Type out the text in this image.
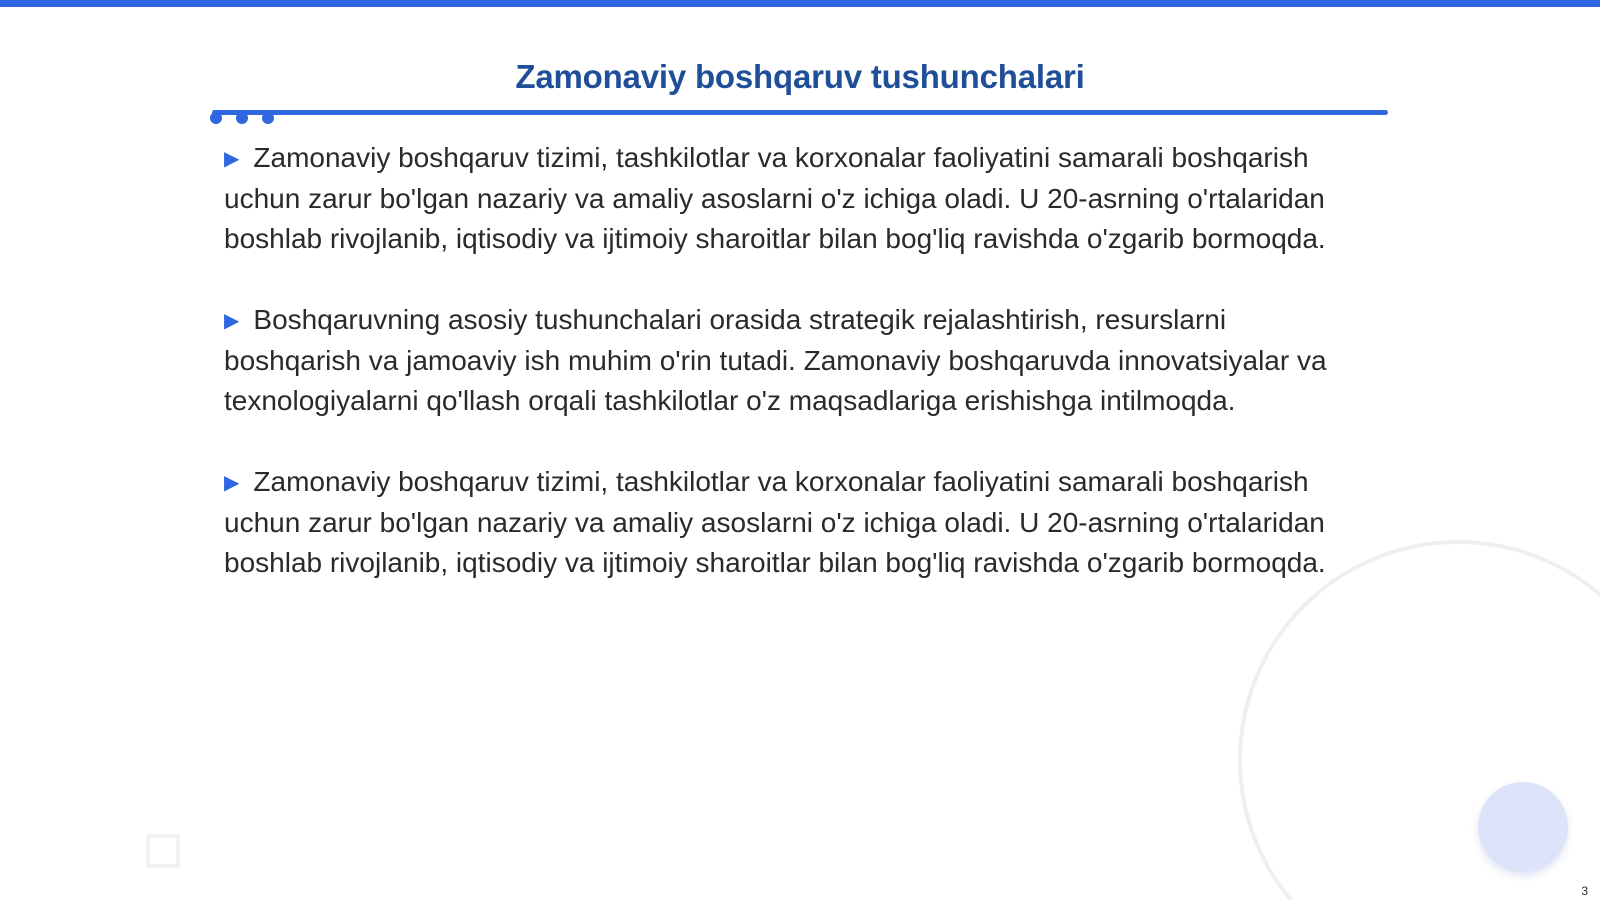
Zamonaviy boshqaruv tushunchalari

▶ Zamonaviy boshqaruv tizimi, tashkilotlar va korxonalar faoliyatini samarali boshqarish uchun zarur bo'lgan nazariy va amaliy asoslarni o'z ichiga oladi. U 20-asrning o'rtalaridan boshlab rivojlanib, iqtisodiy va ijtimoiy sharoitlar bilan bog'liq ravishda o'zgarib bormoqda.

▶ Boshqaruvning asosiy tushunchalari orasida strategik rejalashtirish, resurslarni boshqarish va jamoaviy ish muhim o'rin tutadi. Zamonaviy boshqaruvda innovatsiyalar va texnologiyalarni qo'llash orqali tashkilotlar o'z maqsadlariga erishishga intilmoqda.

▶ Zamonaviy boshqaruv tizimi, tashkilotlar va korxonalar faoliyatini samarali boshqarish uchun zarur bo'lgan nazariy va amaliy asoslarni o'z ichiga oladi. U 20-asrning o'rtalaridan boshlab rivojlanib, iqtisodiy va ijtimoiy sharoitlar bilan bog'liq ravishda o'zgarib bormoqda.

3
